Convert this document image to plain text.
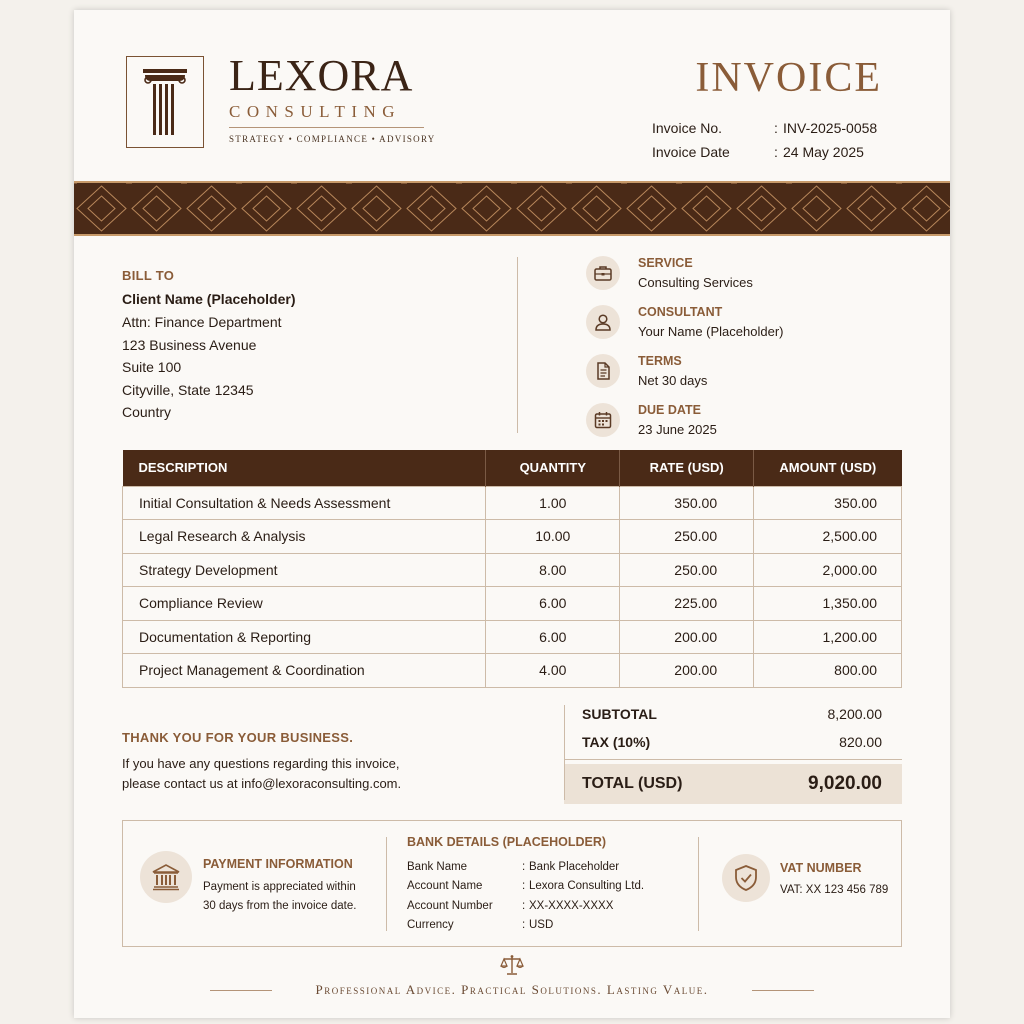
LEXORA
CONSULTING
STRATEGY • COMPLIANCE • ADVISORY
INVOICE
Invoice No.	: INV-2025-0058
Invoice Date	: 24 May 2025
BILL TO
Client Name (Placeholder)
Attn: Finance Department
123 Business Avenue
Suite 100
Cityville, State 12345
Country
SERVICE
Consulting Services
CONSULTANT
Your Name (Placeholder)
TERMS
Net 30 days
DUE DATE
23 June 2025
DESCRIPTION	QUANTITY	RATE (USD)	AMOUNT (USD)
Initial Consultation & Needs Assessment	1.00	350.00	350.00
Legal Research & Analysis	10.00	250.00	2,500.00
Strategy Development	8.00	250.00	2,000.00
Compliance Review	6.00	225.00	1,350.00
Documentation & Reporting	6.00	200.00	1,200.00
Project Management & Coordination	4.00	200.00	800.00
THANK YOU FOR YOUR BUSINESS.
If you have any questions regarding this invoice,
please contact us at info@lexoraconsulting.com.
SUBTOTAL	8,200.00
TAX (10%)	820.00
TOTAL (USD)	9,020.00
PAYMENT INFORMATION
Payment is appreciated within
30 days from the invoice date.
BANK DETAILS (PLACEHOLDER)
Bank Name	: Bank Placeholder
Account Name	: Lexora Consulting Ltd.
Account Number	: XX-XXXX-XXXX
Currency	: USD
VAT NUMBER
VAT: XX 123 456 789
Professional Advice. Practical Solutions. Lasting Value.
